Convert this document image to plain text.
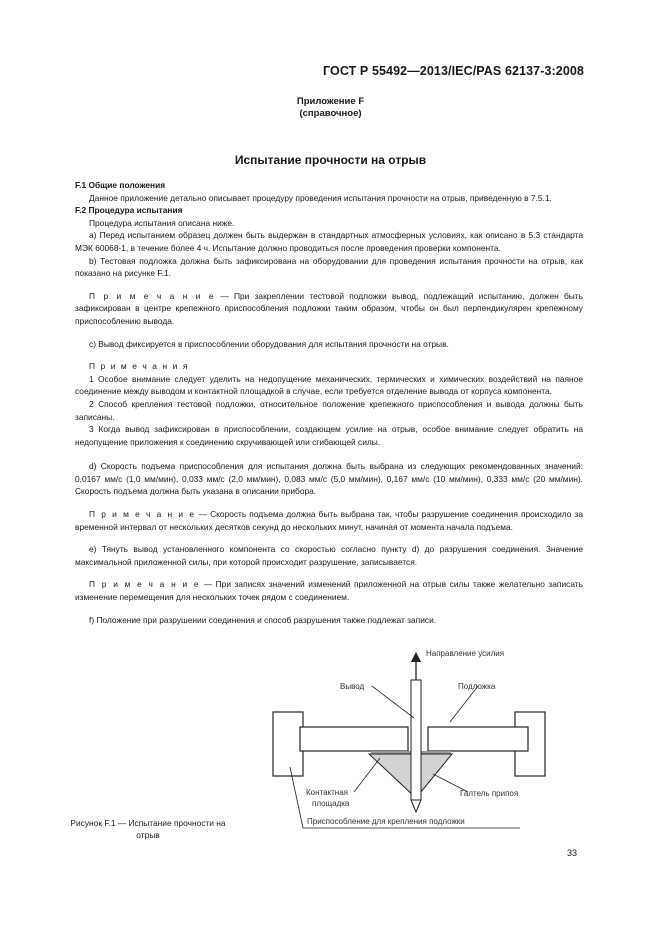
ГОСТ Р 55492—2013/IEC/PAS 62137-3:2008
Приложение F
(справочное)
Испытание прочности на отрыв

F.1 Общие положения

Данное приложение детально описывает процедуру проведения испытания прочности на отрыв, приведенную в 7.5.1.

F.2 Процедура испытания

Процедура испытания описана ниже.

а) Перед испытанием образец должен быть выдержан в стандартных атмосферных условиях, как описано в 5.3 стандарта МЭК 60068-1, в течение более 4 ч. Испытание должно проводиться после проведения проверки компонента.

b) Тестовая подложка должна быть зафиксирована на оборудовании для проведения испытания прочности на отрыв, как показано на рисунке F.1.

П р и м е ч а н и е — При закреплении тестовой подложки вывод, подлежащий испытанию, должен быть зафиксирован в центре крепежного приспособления подложки таким образом, чтобы он был перпендикулярен крепежному приспособлению вывода.

с) Вывод фиксируется в приспособлении оборудования для испытания прочности на отрыв.

П р и м е ч а н и я

1 Особое внимание следует уделить на недопущение механических, термических и химических воздействий на паяное соединение между выводом и контактной площадкой в случае, если требуется отделение вывода от корпуса компонента.

2 Способ крепления тестовой подложки, относительное положение крепежного приспособления и вывода должны быть записаны.

3 Когда вывод зафиксирован в приспособлении, создающем усилие на отрыв, особое внимание следует обратить на недопущение приложения к соединению скручивающей или сгибающей силы.

d) Скорость подъема приспособления для испытания должна быть выбрана из следующих рекомендованных значений: 0,0167 мм/с (1,0 мм/мин), 0,033 мм/с (2,0 мм/мин), 0,083 мм/с (5,0 мм/мин), 0,167 мм/с (10 мм/мин), 0,333 мм/с (20 мм/мин). Скорость подъема должна быть указана в описании прибора.

П р и м е ч а н и е — Скорость подъема должна быть выбрана так, чтобы разрушение соединения происходило за временной интервал от нескольких десятков секунд до нескольких минут, начиная от момента начала подъема.

е) Тянуть вывод установленного компонента со скоростью согласно пункту d) до разрушения соединения. Значение максимальной приложенной силы, при которой происходит разрушение, записывается.

П р и м е ч а н и е — При записях значений изменений приложенной на отрыв силы также желательно записать изменение перемещения для нескольких точек рядом с соединением.

f) Положение при разрушении соединения и способ разрушения также подлежат записи.

Направление усилия
Вывод	Подложка
Контактная
площадка
Галтель припоя
Приспособление для крепления подложки
Рисунок F.1 — Испытание прочности на
отрыв
33
